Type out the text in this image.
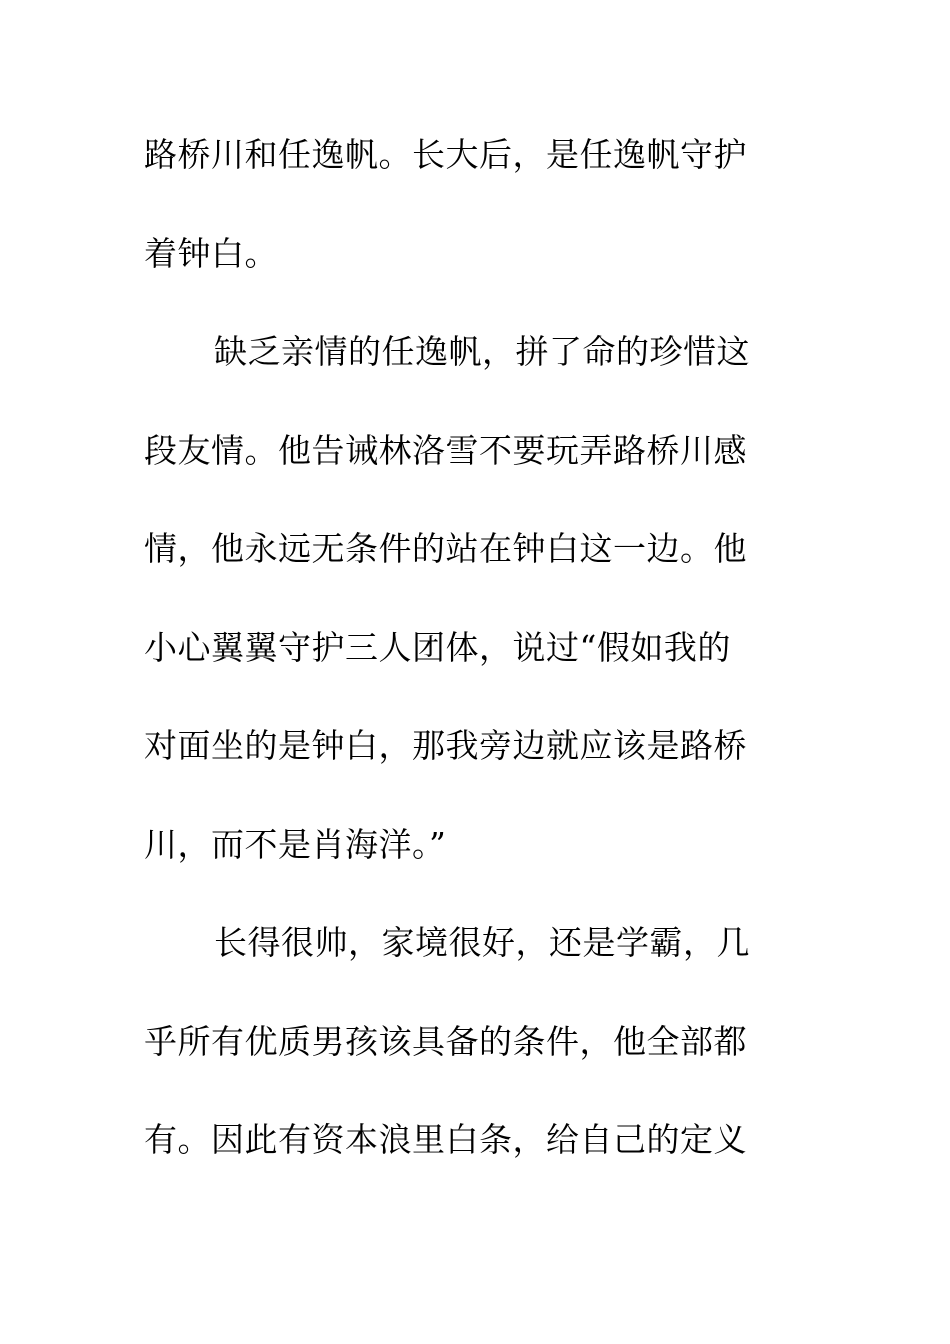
路桥川和任逸帆。长大后，是任逸帆守护
着钟白。
缺乏亲情的任逸帆，拼了命的珍惜这
段友情。他告诫林洛雪不要玩弄路桥川感
情，他永远无条件的站在钟白这一边。他
小心翼翼守护三人团体，说过“假如我的
对面坐的是钟白，那我旁边就应该是路桥
川，而不是肖海洋。”
长得很帅，家境很好，还是学霸，几
乎所有优质男孩该具备的条件，他全部都
有。因此有资本浪里白条，给自己的定义
